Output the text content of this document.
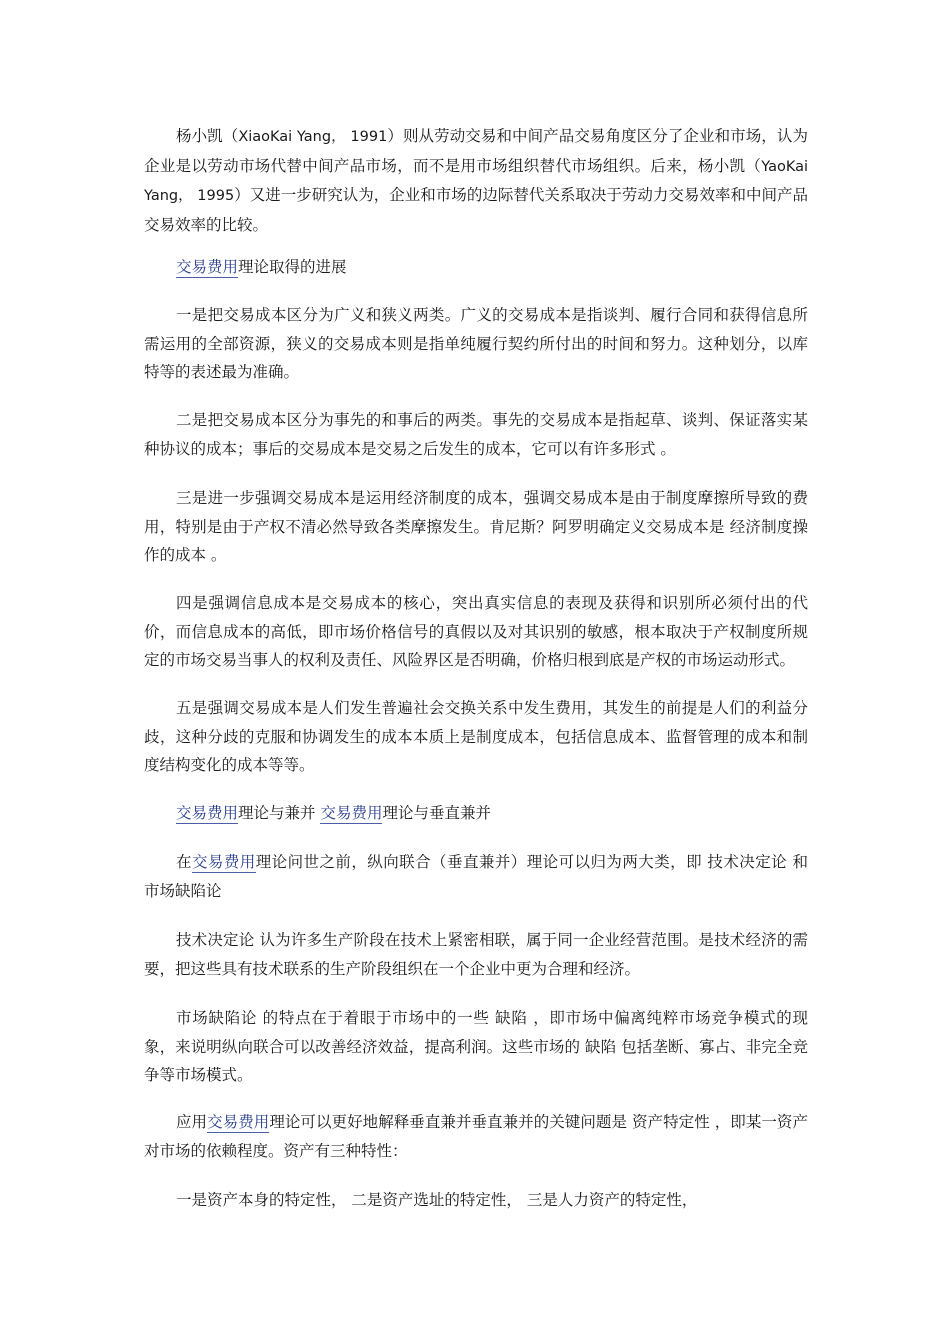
杨小凯（XiaoKai Yang， 1991）则从劳动交易和中间产品交易角度区分了企业和市场，认为企业是以劳动市场代替中间产品市场，而不是用市场组织替代市场组织。后来，杨小凯（YaoKai Yang， 1995）又进一步研究认为，企业和市场的边际替代关系取决于劳动力交易效率和中间产品交易效率的比较。

交易费用理论取得的进展

一是把交易成本区分为广义和狭义两类。广义的交易成本是指谈判、履行合同和获得信息所需运用的全部资源，狭义的交易成本则是指单纯履行契约所付出的时间和努力。这种划分，以库特等的表述最为准确。

二是把交易成本区分为事先的和事后的两类。事先的交易成本是指起草、谈判、保证落实某种协议的成本；事后的交易成本是交易之后发生的成本，它可以有许多形式 。

三是进一步强调交易成本是运用经济制度的成本，强调交易成本是由于制度摩擦所导致的费用，特别是由于产权不清必然导致各类摩擦发生。肯尼斯？阿罗明确定义交易成本是 经济制度操作的成本 。

四是强调信息成本是交易成本的核心，突出真实信息的表现及获得和识别所必须付出的代价，而信息成本的高低，即市场价格信号的真假以及对其识别的敏感，根本取决于产权制度所规定的市场交易当事人的权利及责任、风险界区是否明确，价格归根到底是产权的市场运动形式。

五是强调交易成本是人们发生普遍社会交换关系中发生费用，其发生的前提是人们的利益分歧，这种分歧的克服和协调发生的成本本质上是制度成本，包括信息成本、监督管理的成本和制度结构变化的成本等等。

交易费用理论与兼并 交易费用理论与垂直兼并

在交易费用理论问世之前，纵向联合（垂直兼并）理论可以归为两大类，即 技术决定论 和 市场缺陷论

技术决定论 认为许多生产阶段在技术上紧密相联，属于同一企业经营范围。是技术经济的需要，把这些具有技术联系的生产阶段组织在一个企业中更为合理和经济。

市场缺陷论 的特点在于着眼于市场中的一些 缺陷 ，即市场中偏离纯粹市场竞争模式的现象，来说明纵向联合可以改善经济效益，提高利润。这些市场的 缺陷 包括垄断、寡占、非完全竞争等市场模式。

应用交易费用理论可以更好地解释垂直兼并垂直兼并的关键问题是 资产特定性 ，即某一资产对市场的依赖程度。资产有三种特性：

一是资产本身的特定性， 二是资产选址的特定性， 三是人力资产的特定性，
